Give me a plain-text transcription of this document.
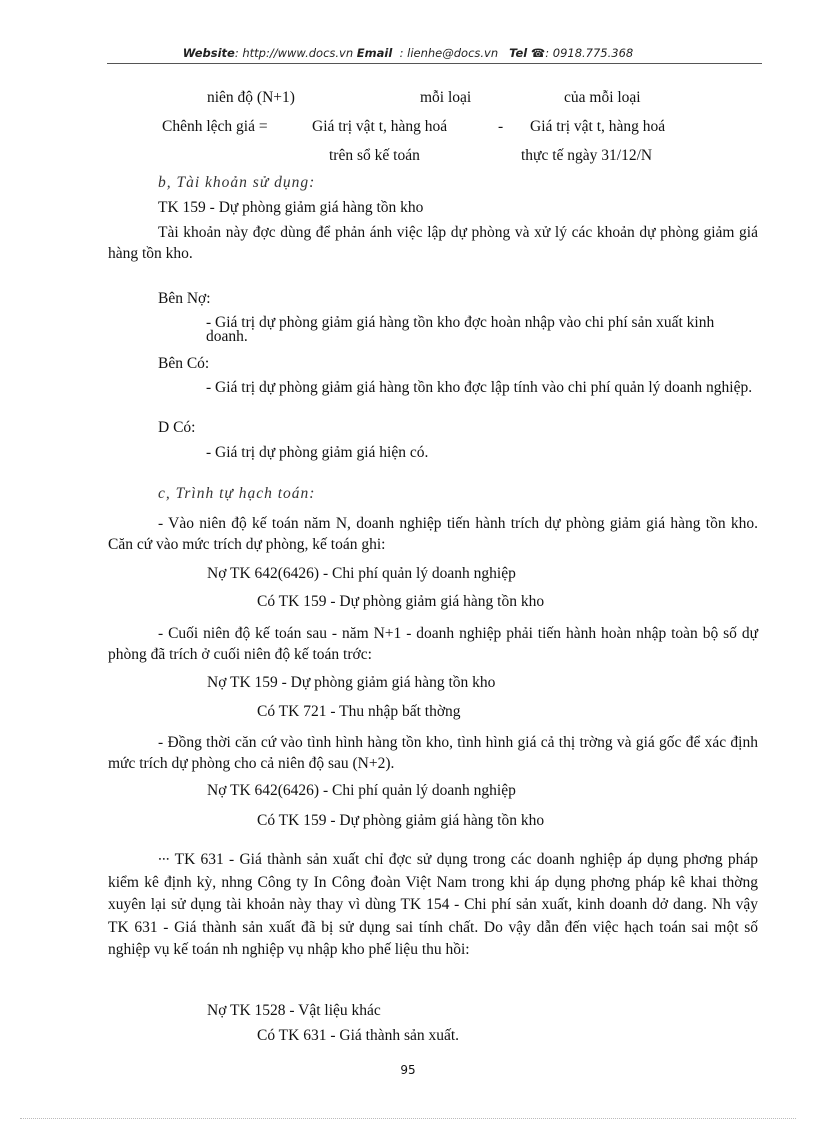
Website: http://www.docs.vn Email : lienhe@docs.vn Tel ☎: 0918.775.368
niên độ (N+1)	mỗi loại	của mỗi loại
Chênh lệch giá =	Giá trị vật t, hàng hoá	- Giá trị vật t, hàng hoá
trên sổ kế toán	thực tế ngày 31/12/N
b, Tài khoản sử dụng:
TK 159 - Dự phòng giảm giá hàng tồn kho
Tài khoản này đợc dùng để phản ánh việc lập dự phòng và xử lý các khoản dự phòng giảm giá hàng tồn kho.
Bên Nợ:
- Giá trị dự phòng giảm giá hàng tồn kho đợc hoàn nhập vào chi phí sản xuất kinh doanh.
Bên Có:
- Giá trị dự phòng giảm giá hàng tồn kho đợc lập tính vào chi phí quản lý doanh nghiệp.
D Có:
- Giá trị dự phòng giảm giá hiện có.
c, Trình tự hạch toán:
- Vào niên độ kế toán năm N, doanh nghiệp tiến hành trích dự phòng giảm giá hàng tồn kho. Căn cứ vào mức trích dự phòng, kế toán ghi:
Nợ TK 642(6426) - Chi phí quản lý doanh nghiệp
Có TK 159 - Dự phòng giảm giá hàng tồn kho
- Cuối niên độ kế toán sau - năm N+1 - doanh nghiệp phải tiến hành hoàn nhập toàn bộ số dự phòng đã trích ở cuối niên độ kế toán trớc:
Nợ TK 159 - Dự phòng giảm giá hàng tồn kho
Có TK 721 - Thu nhập bất thờng
- Đồng thời căn cứ vào tình hình hàng tồn kho, tình hình giá cả thị trờng và giá gốc để xác định mức trích dự phòng cho cả niên độ sau (N+2).
Nợ TK 642(6426) - Chi phí quản lý doanh nghiệp
Có TK 159 - Dự phòng giảm giá hàng tồn kho
∙∙∙ TK 631 - Giá thành sản xuất chỉ đợc sử dụng trong các doanh nghiệp áp dụng phơng pháp kiểm kê định kỳ, nhng Công ty In Công đoàn Việt Nam trong khi áp dụng phơng pháp kê khai thờng xuyên lại sử dụng tài khoản này thay vì dùng TK 154 - Chi phí sản xuất, kinh doanh dở dang. Nh vậy TK 631 - Giá thành sản xuất đã bị sử dụng sai tính chất. Do vậy dẫn đến việc hạch toán sai một số nghiệp vụ kế toán nh nghiệp vụ nhập kho phế liệu thu hồi:
Nợ TK 1528 - Vật liệu khác
Có TK 631 - Giá thành sản xuất.
95
